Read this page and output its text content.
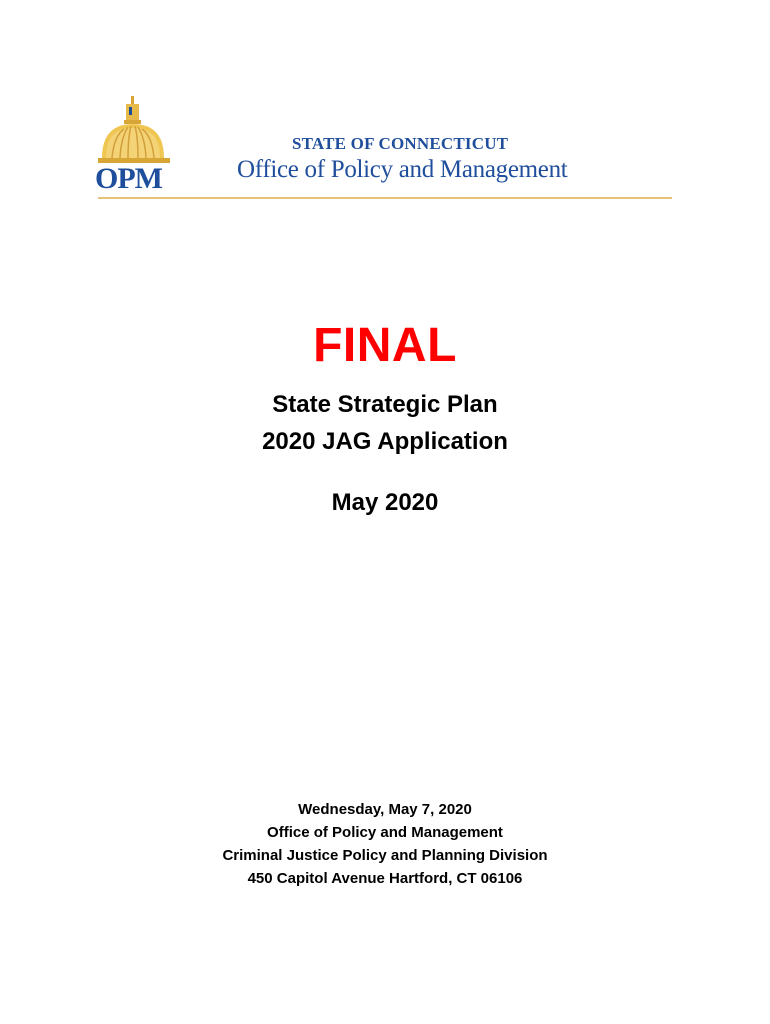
OPM
STATE OF CONNECTICUT
Office of Policy and Management
FINAL
State Strategic Plan
2020 JAG Application
May 2020
Wednesday, May 7, 2020
Office of Policy and Management
Criminal Justice Policy and Planning Division
450 Capitol Avenue Hartford, CT 06106
